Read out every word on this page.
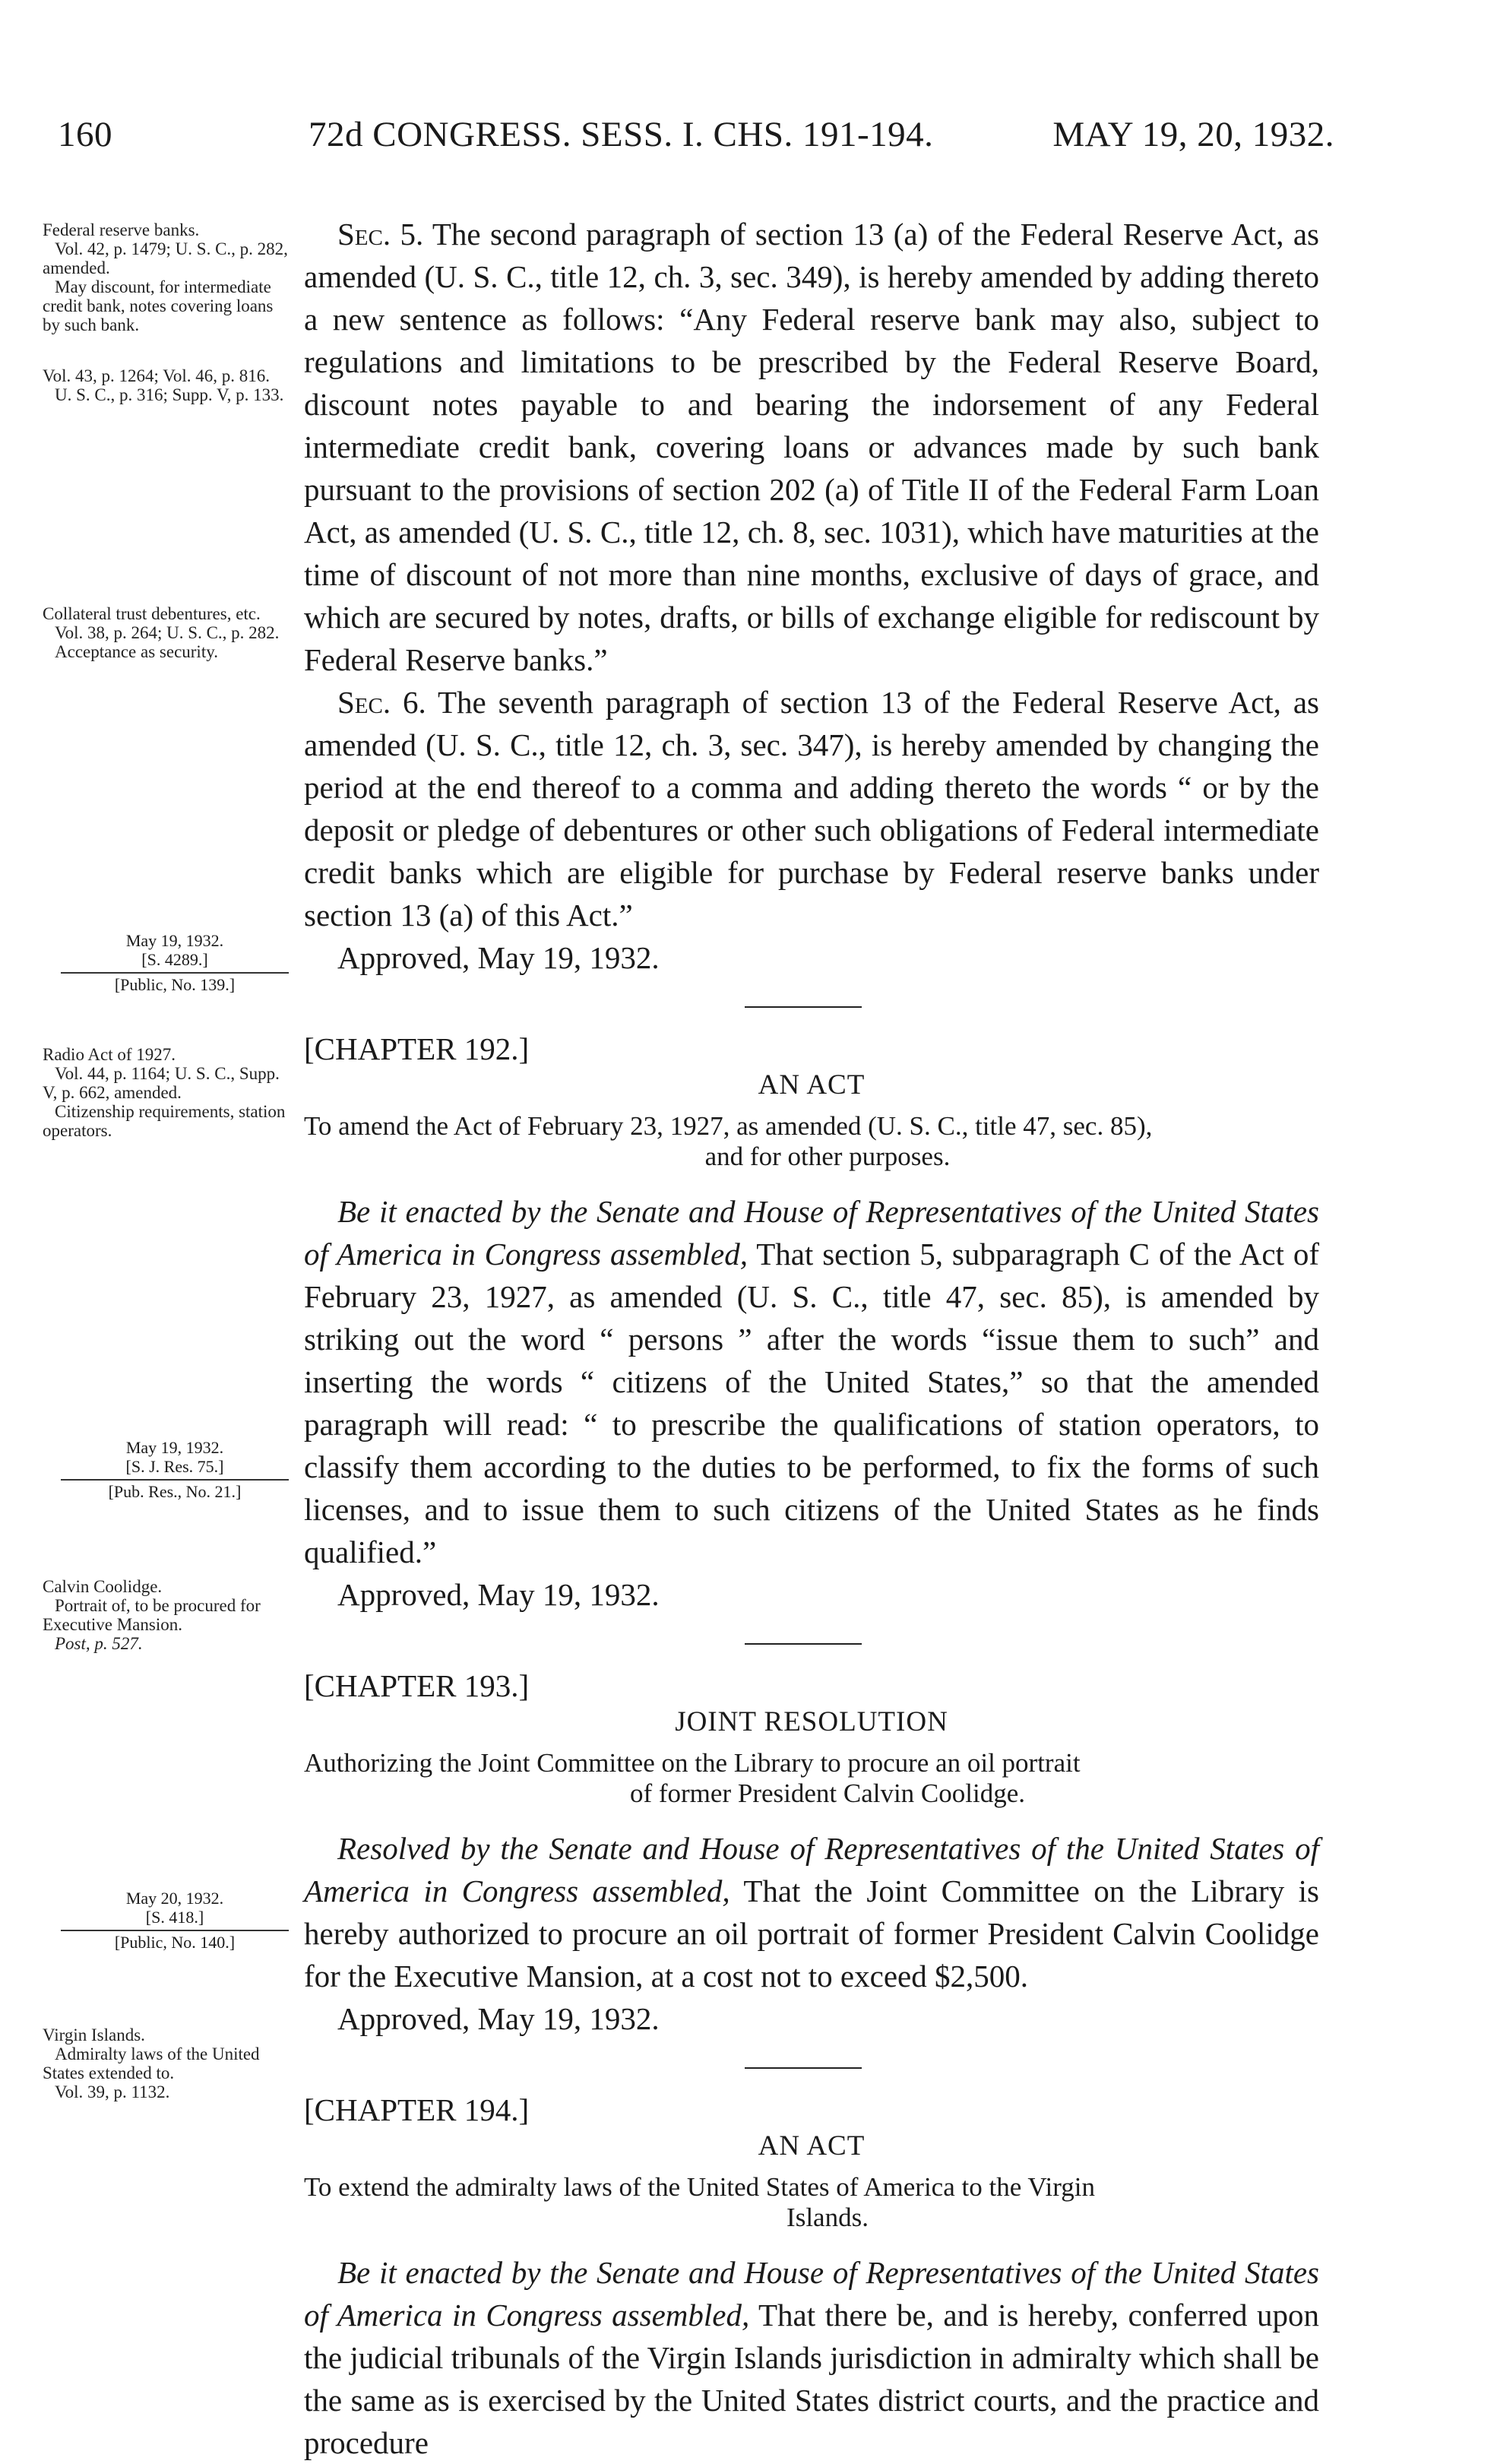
160	72d CONGRESS. SESS. I. CHS. 191-194.	MAY 19, 20, 1932.
Federal reserve banks.
Vol. 42, p. 1479; U. S. C., p. 282, amended.
May discount, for intermediate credit bank, notes covering loans by such bank.
Vol. 43, p. 1264; Vol. 46, p. 816.
U. S. C., p. 316; Supp. V, p. 133.
Collateral trust debentures, etc.
Vol. 38, p. 264; U. S. C., p. 282.
Acceptance as security.
May 19, 1932.
[S. 4289.]
[Public, No. 139.]
Radio Act of 1927.
Vol. 44, p. 1164; U. S. C., Supp. V, p. 662, amended.
Citizenship requirements, station operators.
May 19, 1932.
[S. J. Res. 75.]
[Pub. Res., No. 21.]
Calvin Coolidge.
Portrait of, to be procured for Executive Mansion.
Post, p. 527.
May 20, 1932.
[S. 418.]
[Public, No. 140.]
Virgin Islands.
Admiralty laws of the United States extended to.
Vol. 39, p. 1132.

Sec. 5. The second paragraph of section 13 (a) of the Federal Reserve Act, as amended (U. S. C., title 12, ch. 3, sec. 349), is hereby amended by adding thereto a new sentence as follows: “Any Federal reserve bank may also, subject to regulations and limitations to be prescribed by the Federal Reserve Board, discount notes payable to and bearing the indorsement of any Federal intermediate credit bank, covering loans or advances made by such bank pursuant to the provisions of section 202 (a) of Title II of the Federal Farm Loan Act, as amended (U. S. C., title 12, ch. 8, sec. 1031), which have maturities at the time of discount of not more than nine months, exclusive of days of grace, and which are secured by notes, drafts, or bills of exchange eligible for rediscount by Federal Reserve banks.”

Sec. 6. The seventh paragraph of section 13 of the Federal Reserve Act, as amended (U. S. C., title 12, ch. 3, sec. 347), is hereby amended by changing the period at the end thereof to a comma and adding thereto the words “ or by the deposit or pledge of debentures or other such obligations of Federal intermediate credit banks which are eligible for purchase by Federal reserve banks under section 13 (a) of this Act.”

Approved, May 19, 1932.
[CHAPTER 192.]
AN ACT
To amend the Act of February 23, 1927, as amended (U. S. C., title 47, sec. 85),
and for other purposes.

Be it enacted by the Senate and House of Representatives of the United States of America in Congress assembled, That section 5, subparagraph C of the Act of February 23, 1927, as amended (U. S. C., title 47, sec. 85), is amended by striking out the word “ persons ” after the words “issue them to such” and inserting the words “ citizens of the United States,” so that the amended paragraph will read: “ to prescribe the qualifications of station operators, to classify them according to the duties to be performed, to fix the forms of such licenses, and to issue them to such citizens of the United States as he finds qualified.”

Approved, May 19, 1932.
[CHAPTER 193.]
JOINT RESOLUTION
Authorizing the Joint Committee on the Library to procure an oil portrait
of former President Calvin Coolidge.

Resolved by the Senate and House of Representatives of the United States of America in Congress assembled, That the Joint Committee on the Library is hereby authorized to procure an oil portrait of former President Calvin Coolidge for the Executive Mansion, at a cost not to exceed $2,500.

Approved, May 19, 1932.
[CHAPTER 194.]
AN ACT
To extend the admiralty laws of the United States of America to the Virgin
Islands.

Be it enacted by the Senate and House of Representatives of the United States of America in Congress assembled, That there be, and is hereby, conferred upon the judicial tribunals of the Virgin Islands jurisdiction in admiralty which shall be the same as is exercised by the United States district courts, and the practice and procedure
